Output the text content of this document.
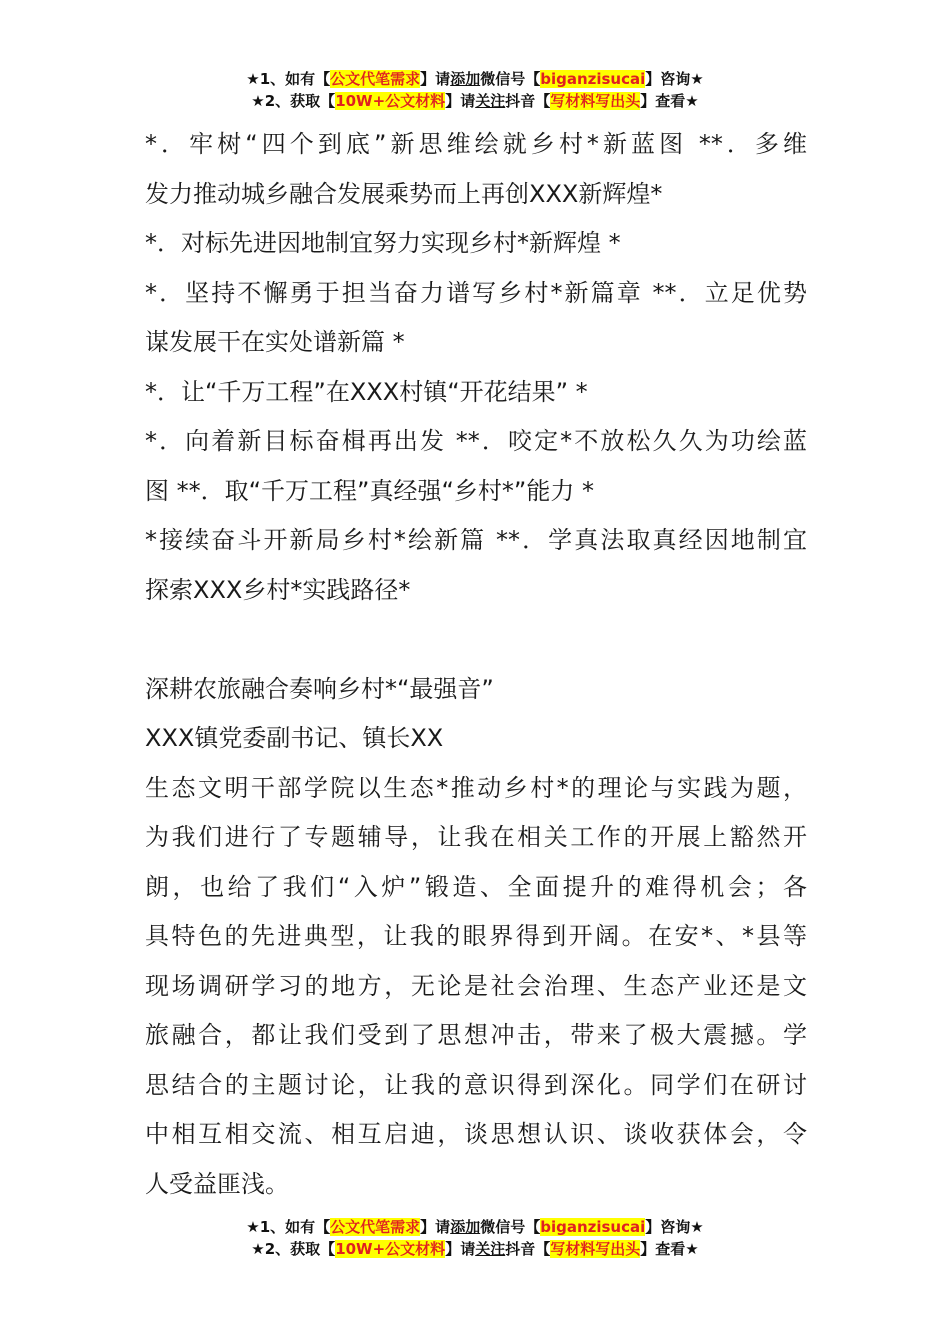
★1、如有【公文代笔需求】请添加微信号【biganzisucai】咨询★
★2、获取【10W+公文材料】请关注抖音【写材料写出头】查看★
*．牢树“四个到底”新思维绘就乡村*新蓝图 **．多维
发力推动城乡融合发展乘势而上再创XXX新辉煌*
*．对标先进因地制宜努力实现乡村*新辉煌 *
*．坚持不懈勇于担当奋力谱写乡村*新篇章 **．立足优势
谋发展干在实处谱新篇 *
*．让“千万工程”在XXX村镇“开花结果” *
*．向着新目标奋楫再出发 **．咬定*不放松久久为功绘蓝
图 **．取“千万工程”真经强“乡村*”能力 *
*接续奋斗开新局乡村*绘新篇 **．学真法取真经因地制宜
探索XXX乡村*实践路径*
深耕农旅融合奏响乡村*“最强音”
XXX镇党委副书记、镇长XX
生态文明干部学院以生态*推动乡村*的理论与实践为题，
为我们进行了专题辅导，让我在相关工作的开展上豁然开
朗，也给了我们“入炉”锻造、全面提升的难得机会；各
具特色的先进典型，让我的眼界得到开阔。在安*、*县等
现场调研学习的地方，无论是社会治理、生态产业还是文
旅融合，都让我们受到了思想冲击，带来了极大震撼。学
思结合的主题讨论，让我的意识得到深化。同学们在研讨
中相互相交流、相互启迪，谈思想认识、谈收获体会，令
人受益匪浅。
★1、如有【公文代笔需求】请添加微信号【biganzisucai】咨询★
★2、获取【10W+公文材料】请关注抖音【写材料写出头】查看★
